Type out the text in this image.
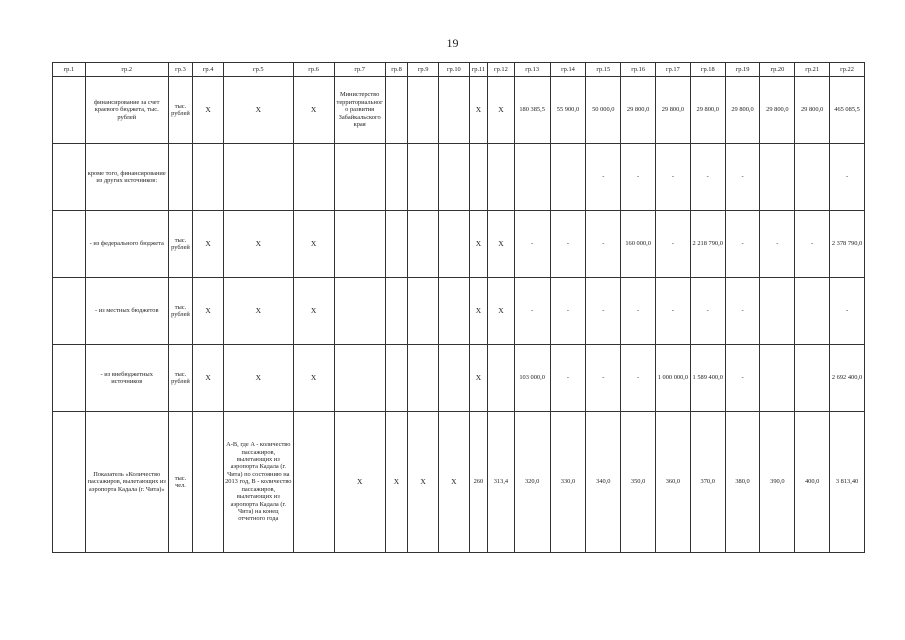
19
гр.1	гр.2	гр.3	гр.4	гр.5	гр.6	гр.7	гр.8	гр.9	гр.10	гр.11	гр.12	гр.13	гр.14	гр.15	гр.16	гр.17	гр.18	гр.19	гр.20	гр.21	гр.22
	финансирование за счет краевого бюджета, тыс. рублей	тыс. рублей	X	X	X	Министерство территориального развития Забайкальского края				X	X	180 385,5	55 900,0	50 000,0	29 800,0	29 800,0	29 800,0	29 800,0	29 800,0	29 800,0	465 085,5
	кроме того, финансирование из других источников:													-	-	-	-	-			-
	- из федерального бюджета	тыс. рублей	X	X	X					X	X	-	-	-	160 000,0	-	2 218 790,0	-	-	-	2 378 790,0
	- из местных бюджетов	тыс. рублей	X	X	X					X	X	-	-	-	-	-	-	-			-
	- из внебюджетных источников	тыс. рублей	X	X	X					X		103 000,0	-	-	-	1 000 000,0	1 589 400,0	-			2 692 400,0
	Показатель «Количество пассажиров, вылетающих из аэропорта Кадала (г. Чита)»	тыс. чел.		A-B, где A - количество пассажиров, вылетающих из аэропорта Кадала (г. Чита) по состоянию на 2013 год, B - количество пассажиров, вылетающих из аэропорта Кадала (г. Чита) на конец отчетного года		X	X	X	X	260	313,4	320,0	330,0	340,0	350,0	360,0	370,0	380,0	390,0	400,0	3 813,40
